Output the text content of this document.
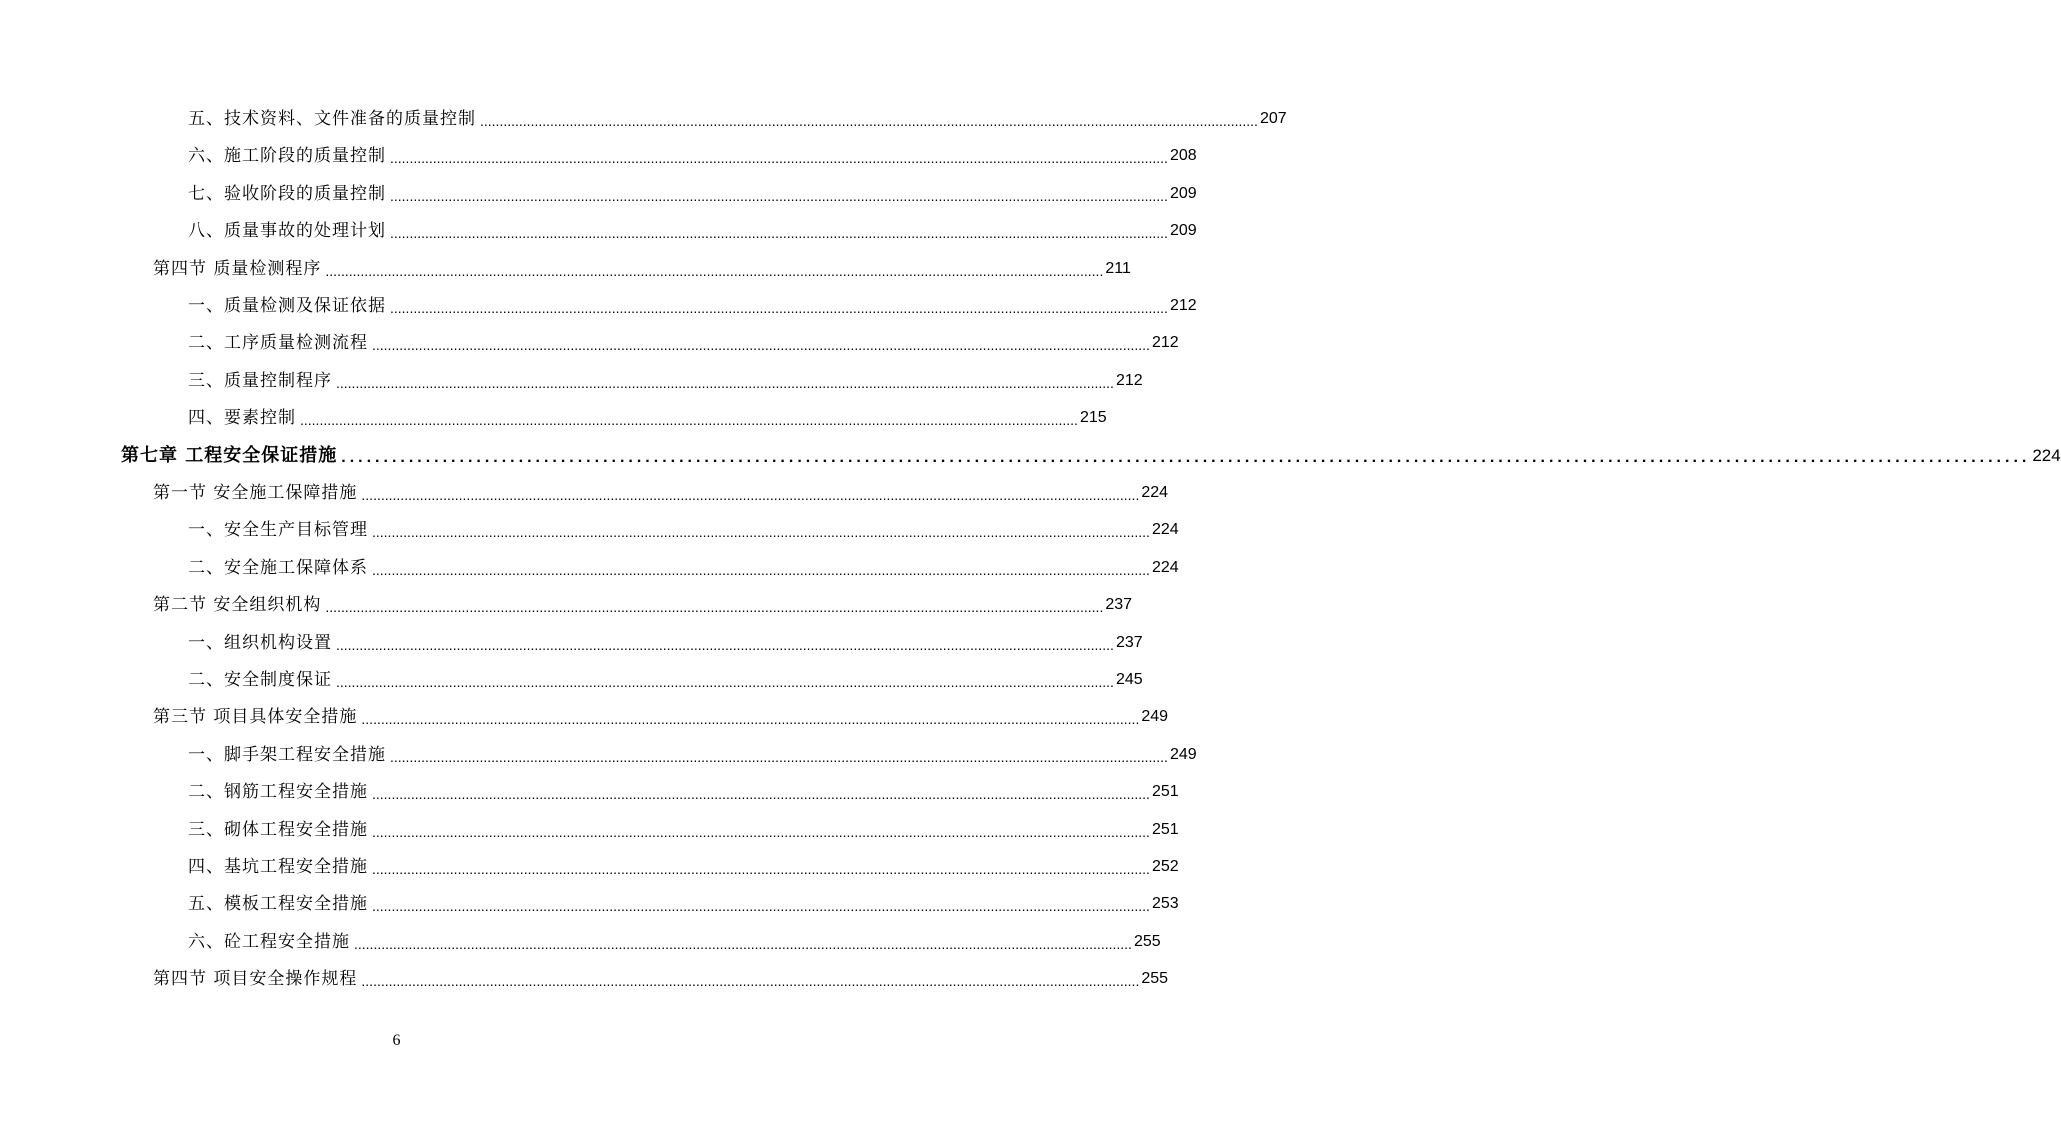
五、技术资料、文件准备的质量控制 ........................................................................................................................................................................................................ 207
六、施工阶段的质量控制 ........................................................................................................................................................................................................ 208
七、验收阶段的质量控制 ........................................................................................................................................................................................................ 209
八、质量事故的处理计划 ........................................................................................................................................................................................................ 209
第四节 质量检测程序 ........................................................................................................................................................................................................ 211
一、质量检测及保证依据 ........................................................................................................................................................................................................ 212
二、工序质量检测流程 ........................................................................................................................................................................................................ 212
三、质量控制程序 ........................................................................................................................................................................................................ 212
四、要素控制 ........................................................................................................................................................................................................ 215
第七章 工程安全保证措施 ........................................................................................................................................................................................................ 224
第一节 安全施工保障措施 ........................................................................................................................................................................................................ 224
一、安全生产目标管理 ........................................................................................................................................................................................................ 224
二、安全施工保障体系 ........................................................................................................................................................................................................ 224
第二节 安全组织机构 ........................................................................................................................................................................................................ 237
一、组织机构设置 ........................................................................................................................................................................................................ 237
二、安全制度保证 ........................................................................................................................................................................................................ 245
第三节 项目具体安全措施 ........................................................................................................................................................................................................ 249
一、脚手架工程安全措施 ........................................................................................................................................................................................................ 249
二、钢筋工程安全措施 ........................................................................................................................................................................................................ 251
三、砌体工程安全措施 ........................................................................................................................................................................................................ 251
四、基坑工程安全措施 ........................................................................................................................................................................................................ 252
五、模板工程安全措施 ........................................................................................................................................................................................................ 253
六、砼工程安全措施 ........................................................................................................................................................................................................ 255
第四节 项目安全操作规程 ........................................................................................................................................................................................................ 255
6
